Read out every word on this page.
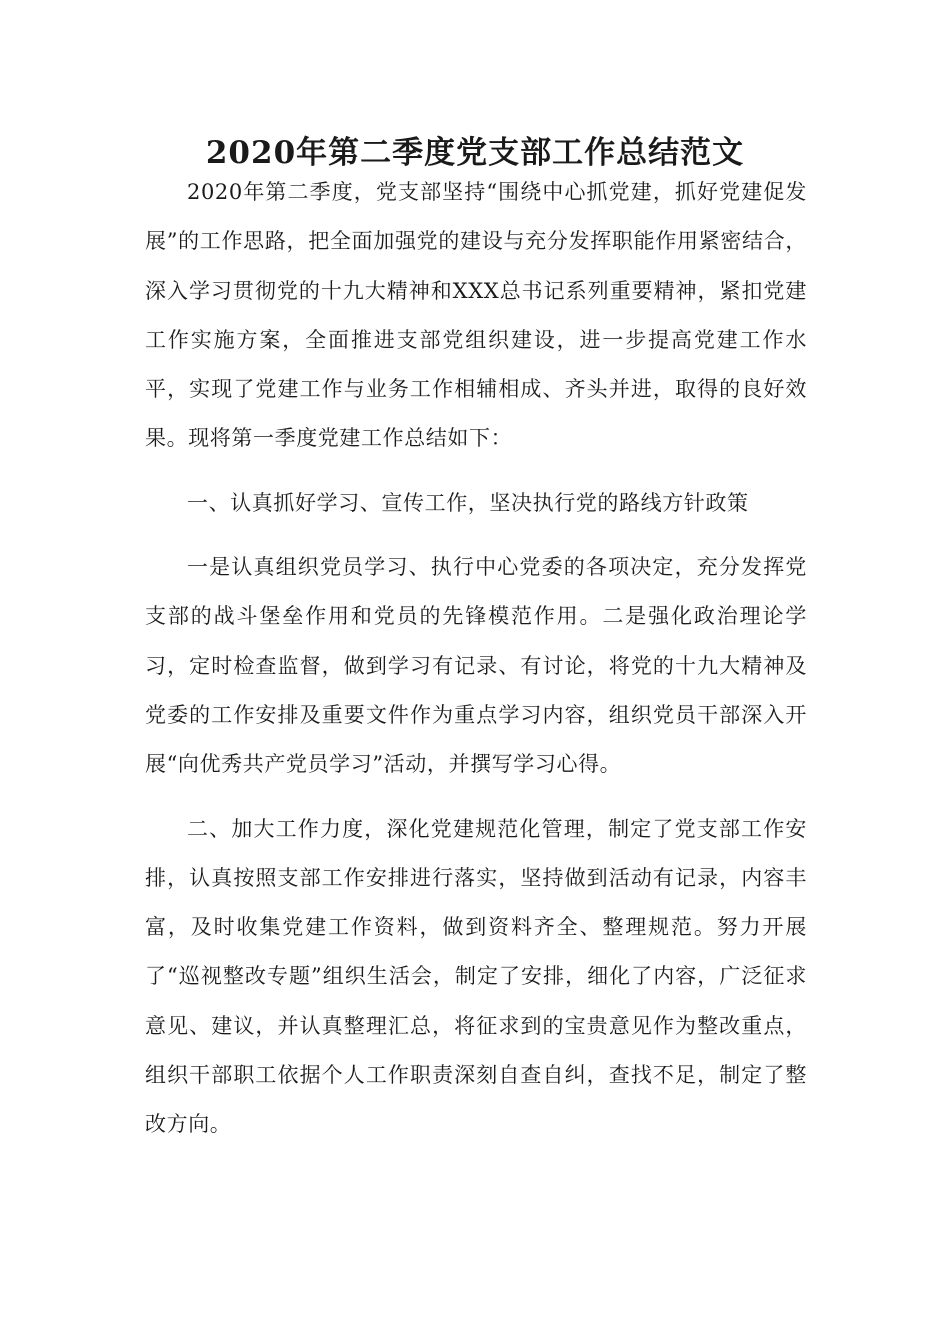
2020年第二季度党支部工作总结范文

2020年第二季度，党支部坚持“围绕中心抓党建，抓好党建促发展”的工作思路，把全面加强党的建设与充分发挥职能作用紧密结合，深入学习贯彻党的十九大精神和XXX总书记系列重要精神，紧扣党建工作实施方案，全面推进支部党组织建设，进一步提高党建工作水平，实现了党建工作与业务工作相辅相成、齐头并进，取得的良好效果。现将第一季度党建工作总结如下：

一、认真抓好学习、宣传工作，坚决执行党的路线方针政策

一是认真组织党员学习、执行中心党委的各项决定，充分发挥党支部的战斗堡垒作用和党员的先锋模范作用。二是强化政治理论学习，定时检查监督，做到学习有记录、有讨论，将党的十九大精神及党委的工作安排及重要文件作为重点学习内容，组织党员干部深入开展“向优秀共产党员学习”活动，并撰写学习心得。

二、加大工作力度，深化党建规范化管理，制定了党支部工作安排，认真按照支部工作安排进行落实，坚持做到活动有记录，内容丰富，及时收集党建工作资料，做到资料齐全、整理规范。努力开展了“巡视整改专题”组织生活会，制定了安排，细化了内容，广泛征求意见、建议，并认真整理汇总，将征求到的宝贵意见作为整改重点，组织干部职工依据个人工作职责深刻自查自纠，查找不足，制定了整改方向。
